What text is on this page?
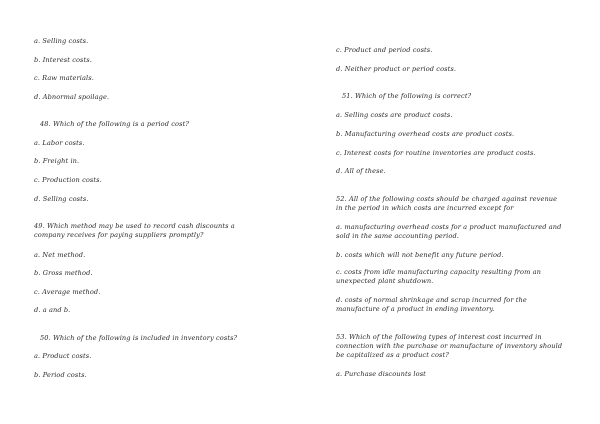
a. Selling costs.
b. Interest costs.
c. Raw materials.
d. Abnormal spoilage.
48. Which of the following is a period cost?
a. Labor costs.
b. Freight in.
c. Production costs.
d. Selling costs.
49. Which method may be used to record cash discounts a company receives for paying suppliers promptly?
a. Net method.
b. Gross method.
c. Average method.
d. a and b.
50. Which of the following is included in inventory costs?
a. Product costs.
b. Period costs.
c. Product and period costs.
d. Neither product or period costs.
51. Which of the following is correct?
a. Selling costs are product costs.
b. Manufacturing overhead costs are product costs.
c. Interest costs for routine inventories are product costs.
d. All of these.
52. All of the following costs should be charged against revenue in the period in which costs are incurred except for
a. manufacturing overhead costs for a product manufactured and sold in the same accounting period.
b. costs which will not benefit any future period.
c. costs from idle manufacturing capacity resulting from an unexpected plant shutdown.
d. costs of normal shrinkage and scrap incurred for the manufacture of a product in ending inventory.
53. Which of the following types of interest cost incurred in connection with the purchase or manufacture of inventory should be capitalized as a product cost?
a. Purchase discounts lost
